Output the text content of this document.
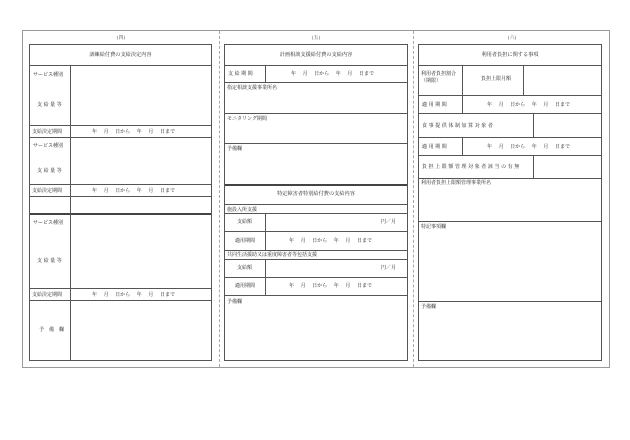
(四)
訓練給付費の支給決定内容
サービス種別
支 給 量 等
支給決定期間	年　 月　 日から　 年　 月　 日まで
サービス種別
支 給 量 等
支給決定期間	年　 月　 日から　 年　 月　 日まで
サービス種別
支 給 量 等
支給決定期間	年　 月　 日から　 年　 月　 日まで
予　備　欄
(五)
計画相談支援給付費の支給内容
支 給 期 間	年　 月　 日から　 年　 月　 日まで
指定相談支援事業所名
モニタリング期間
予備欄
特定障害者特別給付費の支給内容
施設入所支援
支給額	円／月
適用期間	年　 月　 日から　 年　 月　 日まで
共同生活援助又は重度障害者等包括支援
支給額	円／月
適用期間	年　 月　 日から　 年　 月　 日まで
予備欄
(六)
利用者負担に関する事項
利用者負担割合（期限）	負担上限月額
適 用 期 間	年　 月　 日から　 年　 月　 日まで
食 事 提 供 体 制 加 算 対 象 者
適 用 期 間	年　 月　 日から　 年　 月　 日まで
負 担 上 限 額 管 理 対 象 者 該 当 の 有 無
利用者負担上限額管理事業所名
特記事項欄
予備欄
